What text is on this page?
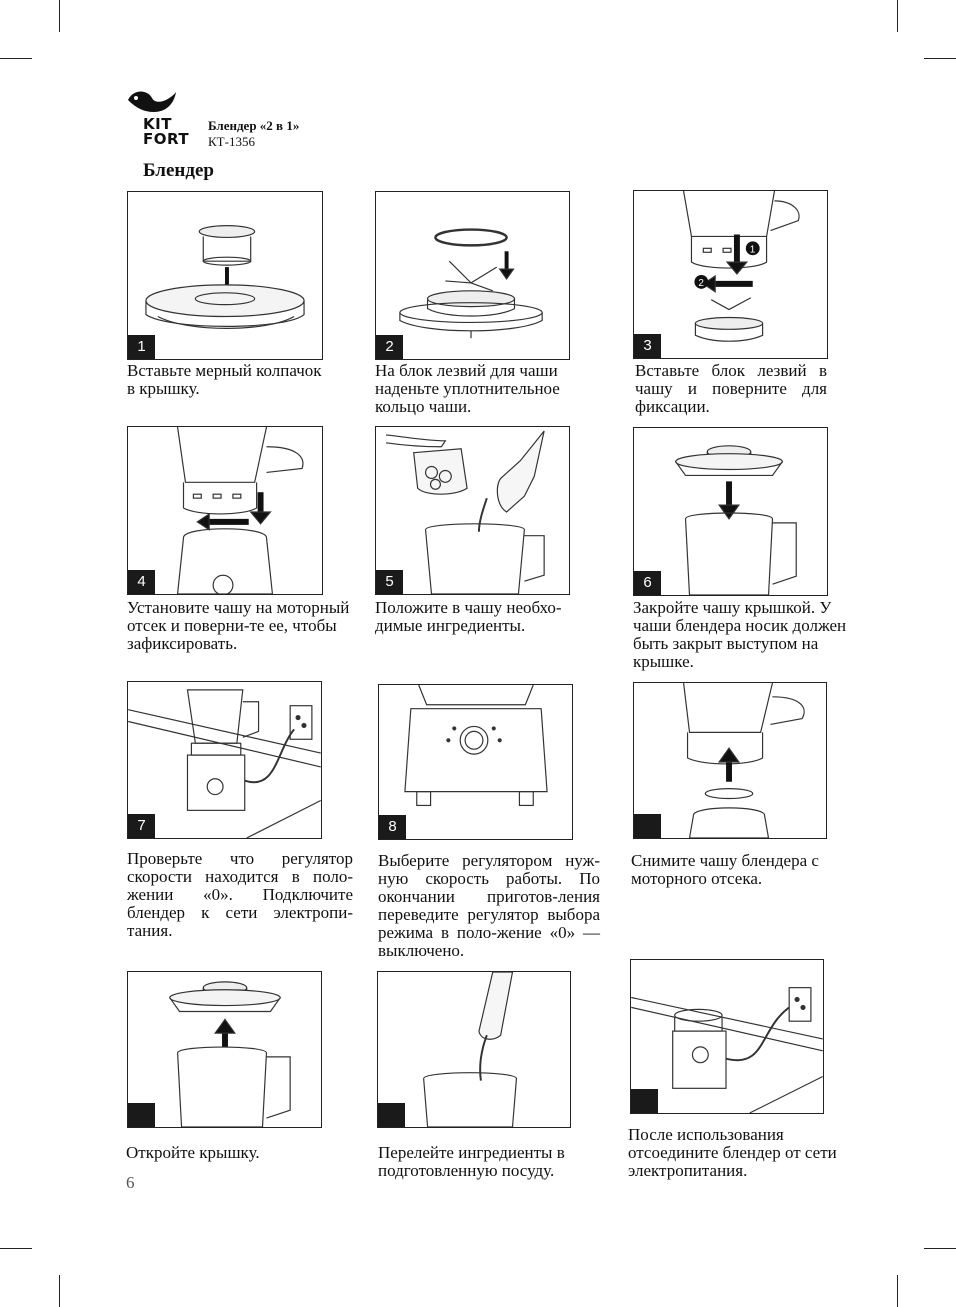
KIT
FORT
Блендер «2 в 1»
КТ-1356
Блендер
1
Вставьте мерный колпачок в крышку.
2
На блок лезвий для чаши наденьте уплотнительное кольцо чаши.
1
2
3
Вставьте блок лезвий в чашу и поверните для фиксации.
4
Установите чашу на моторный отсек и поверни-те ее, чтобы зафиксировать.
5
Положите в чашу необхо-димые ингредиенты.
6
Закройте чашу крышкой. У чаши блендера носик должен быть закрыт выступом на крышке.
7
Проверьте что регулятор скорости находится в поло-жении «0». Подключите блендер к сети электропи-тания.
8
Выберите регулятором нуж-ную скорость работы. По окончании приготов-ления переведите регулятор выбора режима в поло-жение «0» — выключено.
Снимите чашу блендера с моторного отсека.
Откройте крышку.	Перелейте ингредиенты в подготовленную посуду.
После использования отсоедините блендер от сети электропитания.
6
